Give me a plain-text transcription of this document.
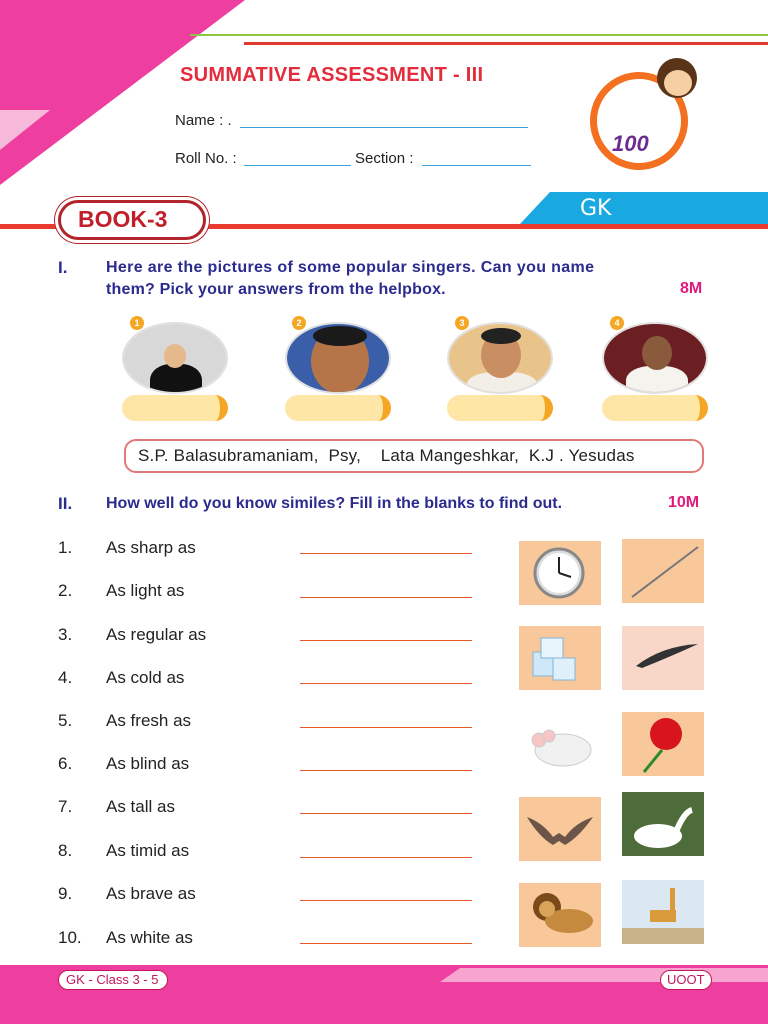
SUMMATIVE ASSESSMENT - III
Name : .
Roll No. :	Section :
100
GK
BOOK-3
I. Here are the pictures of some popular singers. Can you name
them? Pick your answers from the helpbox.	8M
1	2	3	4
S.P. Balasubramaniam,  Psy,    Lata Mangeshkar,  K.J . Yesudas
II. How well do you know similes? Fill in the blanks to find out.	10M
1. As sharp as
2. As light as
3. As regular as
4. As cold as
5. As fresh as
6. As blind as
7. As tall as
8. As timid as
9. As brave as
10. As white as
GK - Class 3 - 5	UOOT
